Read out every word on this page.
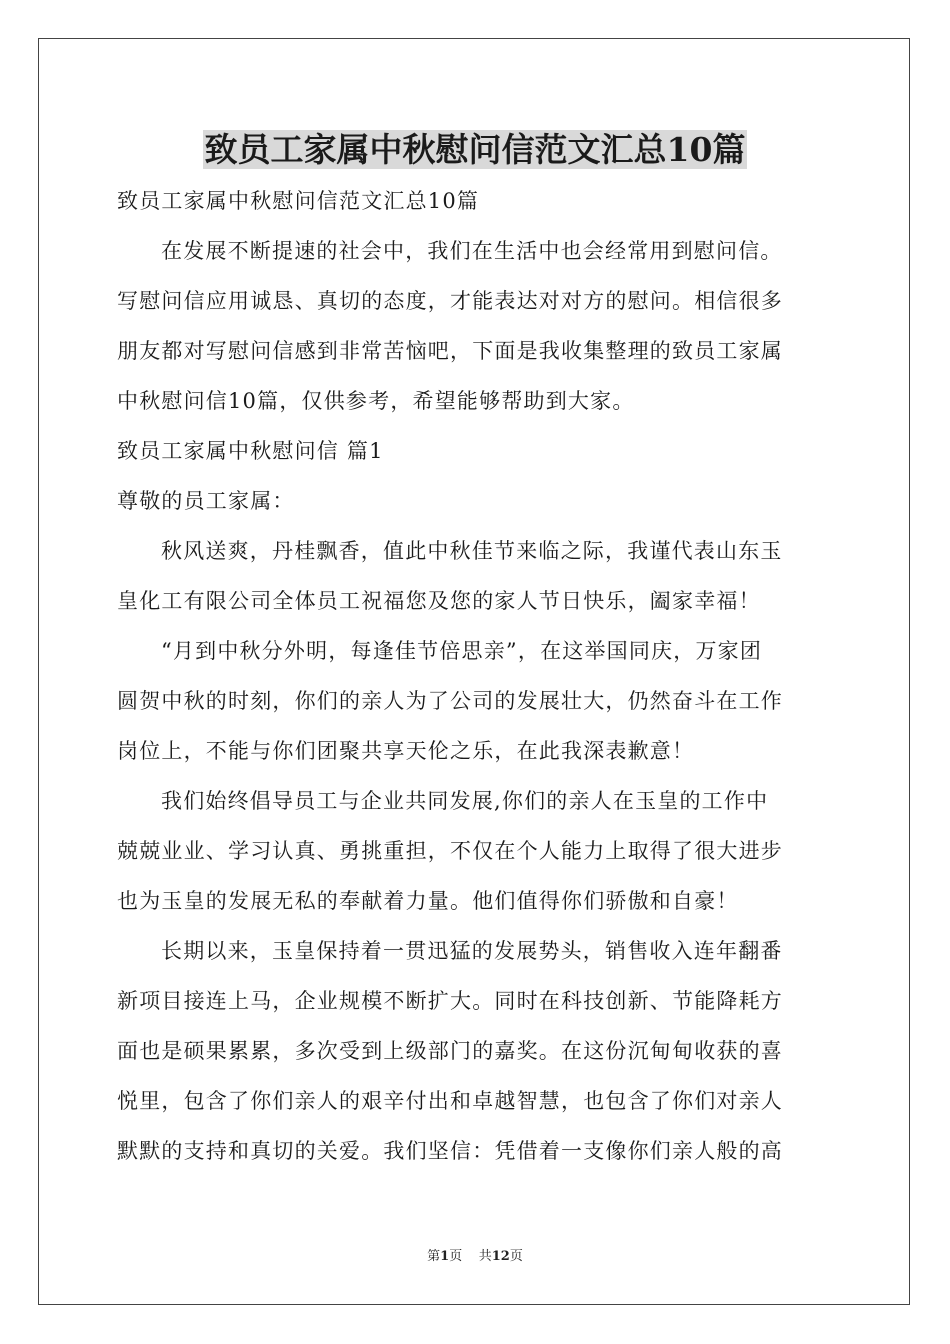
致员工家属中秋慰问信范文汇总10篇
致员工家属中秋慰问信范文汇总10篇
在发展不断提速的社会中，我们在生活中也会经常用到慰问信。
写慰问信应用诚恳、真切的态度，才能表达对对方的慰问。相信很多
朋友都对写慰问信感到非常苦恼吧，下面是我收集整理的致员工家属
中秋慰问信10篇，仅供参考，希望能够帮助到大家。
致员工家属中秋慰问信 篇1
尊敬的员工家属：
秋风送爽，丹桂飘香，值此中秋佳节来临之际，我谨代表山东玉
皇化工有限公司全体员工祝福您及您的家人节日快乐，阖家幸福！
“月到中秋分外明，每逢佳节倍思亲”，在这举国同庆，万家团
圆贺中秋的时刻，你们的亲人为了公司的发展壮大，仍然奋斗在工作
岗位上，不能与你们团聚共享天伦之乐，在此我深表歉意！
我们始终倡导员工与企业共同发展,你们的亲人在玉皇的工作中
兢兢业业、学习认真、勇挑重担，不仅在个人能力上取得了很大进步
也为玉皇的发展无私的奉献着力量。他们值得你们骄傲和自豪！
长期以来，玉皇保持着一贯迅猛的发展势头，销售收入连年翻番
新项目接连上马，企业规模不断扩大。同时在科技创新、节能降耗方
面也是硕果累累，多次受到上级部门的嘉奖。在这份沉甸甸收获的喜
悦里，包含了你们亲人的艰辛付出和卓越智慧，也包含了你们对亲人
默默的支持和真切的关爱。我们坚信：凭借着一支像你们亲人般的高
第1页 共12页
